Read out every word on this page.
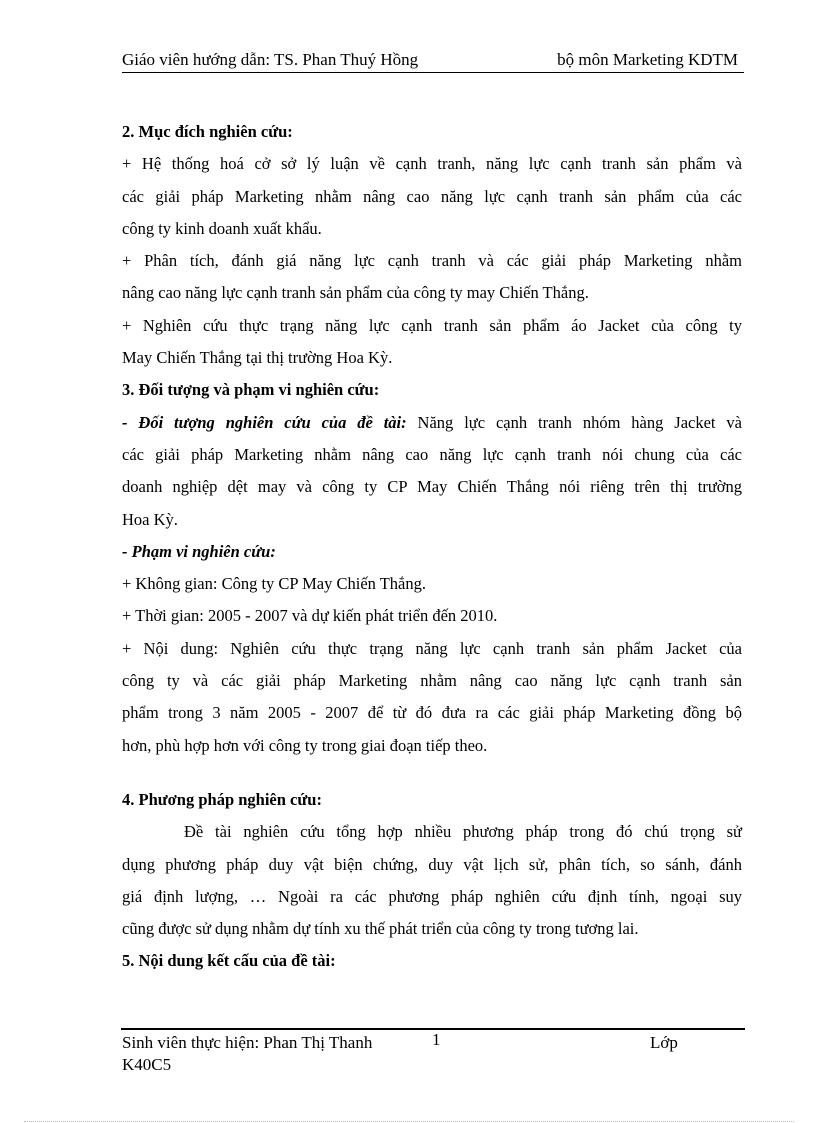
Giáo viên hướng dẫn: TS. Phan Thuý Hồng	bộ môn Marketing KDTM

2. Mục đích nghiên cứu:

+ Hệ thống hoá cở sở lý luận về cạnh tranh, năng lực cạnh tranh sản phẩm và

các giải pháp Marketing nhằm nâng cao năng lực cạnh tranh sản phẩm của các

công ty kinh doanh xuất khẩu.

+ Phân tích, đánh giá năng lực cạnh tranh và các giải pháp Marketing nhằm

nâng cao năng lực cạnh tranh sản phẩm của công ty may Chiến Thắng.

+ Nghiên cứu thực trạng năng lực cạnh tranh sản phẩm áo Jacket của công ty

May Chiến Thắng tại thị trường Hoa Kỳ.

3. Đối tượng và phạm vi nghiên cứu:

- Đối tượng nghiên cứu của đề tài: Năng lực cạnh tranh nhóm hàng Jacket và

các giải pháp Marketing nhằm nâng cao năng lực cạnh tranh nói chung của các

doanh nghiệp dệt may và công ty CP May Chiến Thắng nói riêng trên thị trường

Hoa Kỳ.

- Phạm vi nghiên cứu:

+ Không gian: Công ty CP May Chiến Thắng.

+ Thời gian: 2005 - 2007 và dự kiến phát triển đến 2010.

+ Nội dung: Nghiên cứu thực trạng năng lực cạnh tranh sản phẩm Jacket của

công ty và các giải pháp Marketing nhằm nâng cao năng lực cạnh tranh sản

phẩm trong 3 năm 2005 - 2007 để từ đó đưa ra các giải pháp Marketing đồng bộ

hơn, phù hợp hơn với công ty trong giai đoạn tiếp theo.

4. Phương pháp nghiên cứu:

Đề tài nghiên cứu tổng hợp nhiều phương pháp trong đó chú trọng sử

dụng phương pháp duy vật biện chứng, duy vật lịch sử, phân tích, so sánh, đánh

giá định lượng, … Ngoài ra các phương pháp nghiên cứu định tính, ngoại suy

cũng được sử dụng nhằm dự tính xu thế phát triển của công ty trong tương lai.

5. Nội dung kết cấu của đề tài:

Sinh viên thực hiện: Phan Thị Thanh	1	Lớp
K40C5
